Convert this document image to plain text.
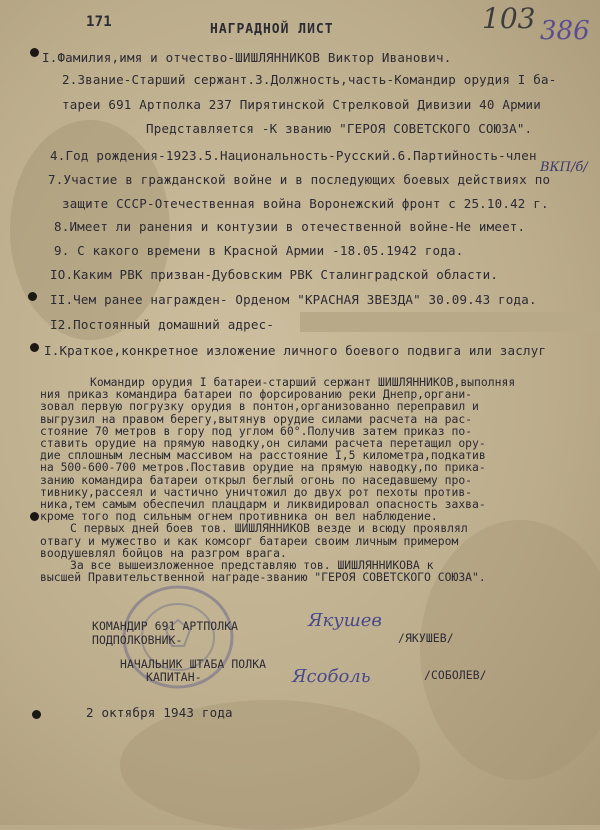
171	НАГРАДНОЙ ЛИСТ	103 386
I.Фамилия,имя и отчество-ШИШЛЯННИКОВ Виктор Иванович.
2.Звание-Старший сержант.3.Должность,часть-Командир орудия I ба-
тареи 691 Артполка 237 Пирятинской Стрелковой Дивизии 40 Армии
Представляется -К званию "ГЕРОЯ СОВЕТСКОГО СОЮЗА".
4.Год рождения-1923.5.Национальность-Русский.6.Партийность-член
ВКП/б/
7.Участие в гражданской войне и в последующих боевых действиях по
защите СССР-Отечественная война Воронежский фронт с 25.10.42 г.
8.Имеет ли ранения и контузии в отечественной войне-Не имеет.
9. С какого времени в Красной Армии -18.05.1942 года.
IO.Каким РВК призван-Дубовским РВК Сталинградской области.
II.Чем ранее награжден- Орденом "КРАСНАЯ ЗВЕЗДА" 30.09.43 года.
I2.Постоянный домашний адрес-
I.Краткое,конкретное изложение личного боевого подвига или заслуг
Командир орудия I батареи-старший сержант ШИШЛЯННИКОВ,выполняя
ния приказ командира батареи по форсированию реки Днепр,органи-
зовал первую погрузку орудия в понтон,организованно переправил и
выгрузил на правом берегу,вытянув орудие силами расчета на рас-
стояние 70 метров в гору под углом 60°.Получив затем приказ по-
ставить орудие на прямую наводку,он силами расчета перетащил ору-
дие сплошным лесным массивом на расстояние I,5 километра,подкатив
на 500-600-700 метров.Поставив орудие на прямую наводку,по прика-
занию командира батареи открыл беглый огонь по наседавшему про-
тивнику,рассеял и частично уничтожил до двух рот пехоты против-
ника,тем самым обеспечил плацдарм и ликвидировал опасность захва-
кроме того под сильным огнем противника он вел наблюдение.
С первых дней боев тов. ШИШЛЯННИКОВ везде и всюду проявлял
отвагу и мужество и как комсорг батареи своим личным примером
воодушевлял бойцов на разгром врага.
За все вышеизложенное представляю тов. ШИШЛЯННИКОВА к
высшей Правительственной награде-званию "ГЕРОЯ СОВЕТСКОГО СОЮЗА".
КОМАНДИР 691 АРТПОЛКА
ПОДПОЛКОВНИК-
Якушев
/ЯКУШЕВ/
НАЧАЛЬНИК ШТАБА ПОЛКА
КАПИТАН-	Ясоболь	/СОБОЛЕВ/
2 октября 1943 года
